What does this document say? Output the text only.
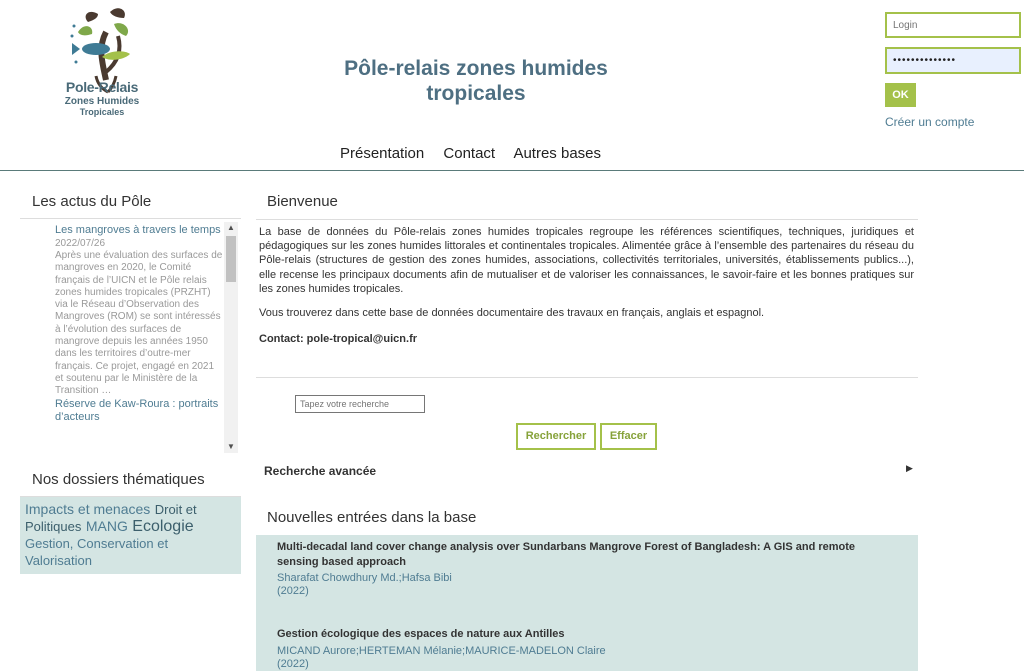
Pole-Relais
Zones Humides
Tropicales
Pôle-relais zones humides tropicales
Login
••••••••••••••	OK
Créer un compte
Présentation Contact Autres bases
Les actus du Pôle
Les mangroves à travers le temps
2022/07/26
Après une évaluation des surfaces de mangroves en 2020, le Comité français de l’UICN et le Pôle relais zones humides tropicales (PRZHT) via le Réseau d’Observation des Mangroves (ROM) se sont intéressés à l’évolution des surfaces de mangrove depuis les années 1950 dans les territoires d’outre-mer français. Ce projet, engagé en 2021 et soutenu par le Ministère de la Transition …
Réserve de Kaw-Roura : portraits d’acteurs
▲
▼
Nos dossiers thématiques
Impacts et menaces Droit et Politiques MANG Ecologie Gestion, Conservation et Valorisation
Bienvenue
La base de données du Pôle-relais zones humides tropicales regroupe les références scientifiques, techniques, juridiques et pédagogiques sur les zones humides littorales et continentales tropicales. Alimentée grâce à l’ensemble des partenaires du réseau du Pôle-relais (structures de gestion des zones humides, associations, collectivités territoriales, universités, établissements publics...), elle recense les principaux documents afin de mutualiser et de valoriser les connaissances, le savoir-faire et les bonnes pratiques sur les zones humides tropicales.
Vous trouverez dans cette base de données documentaire des travaux en français, anglais et espagnol.
Contact: pole-tropical@uicn.fr
Tapez votre recherche
Rechercher	Effacer
Recherche avancée	▶
Nouvelles entrées dans la base
Multi-decadal land cover change analysis over Sundarbans Mangrove Forest of Bangladesh: A GIS and remote sensing based approach
Sharafat Chowdhury Md.;Hafsa Bibi
(2022)
Gestion écologique des espaces de nature aux Antilles
MICAND Aurore;HERTEMAN Mélanie;MAURICE-MADELON Claire
(2022)
